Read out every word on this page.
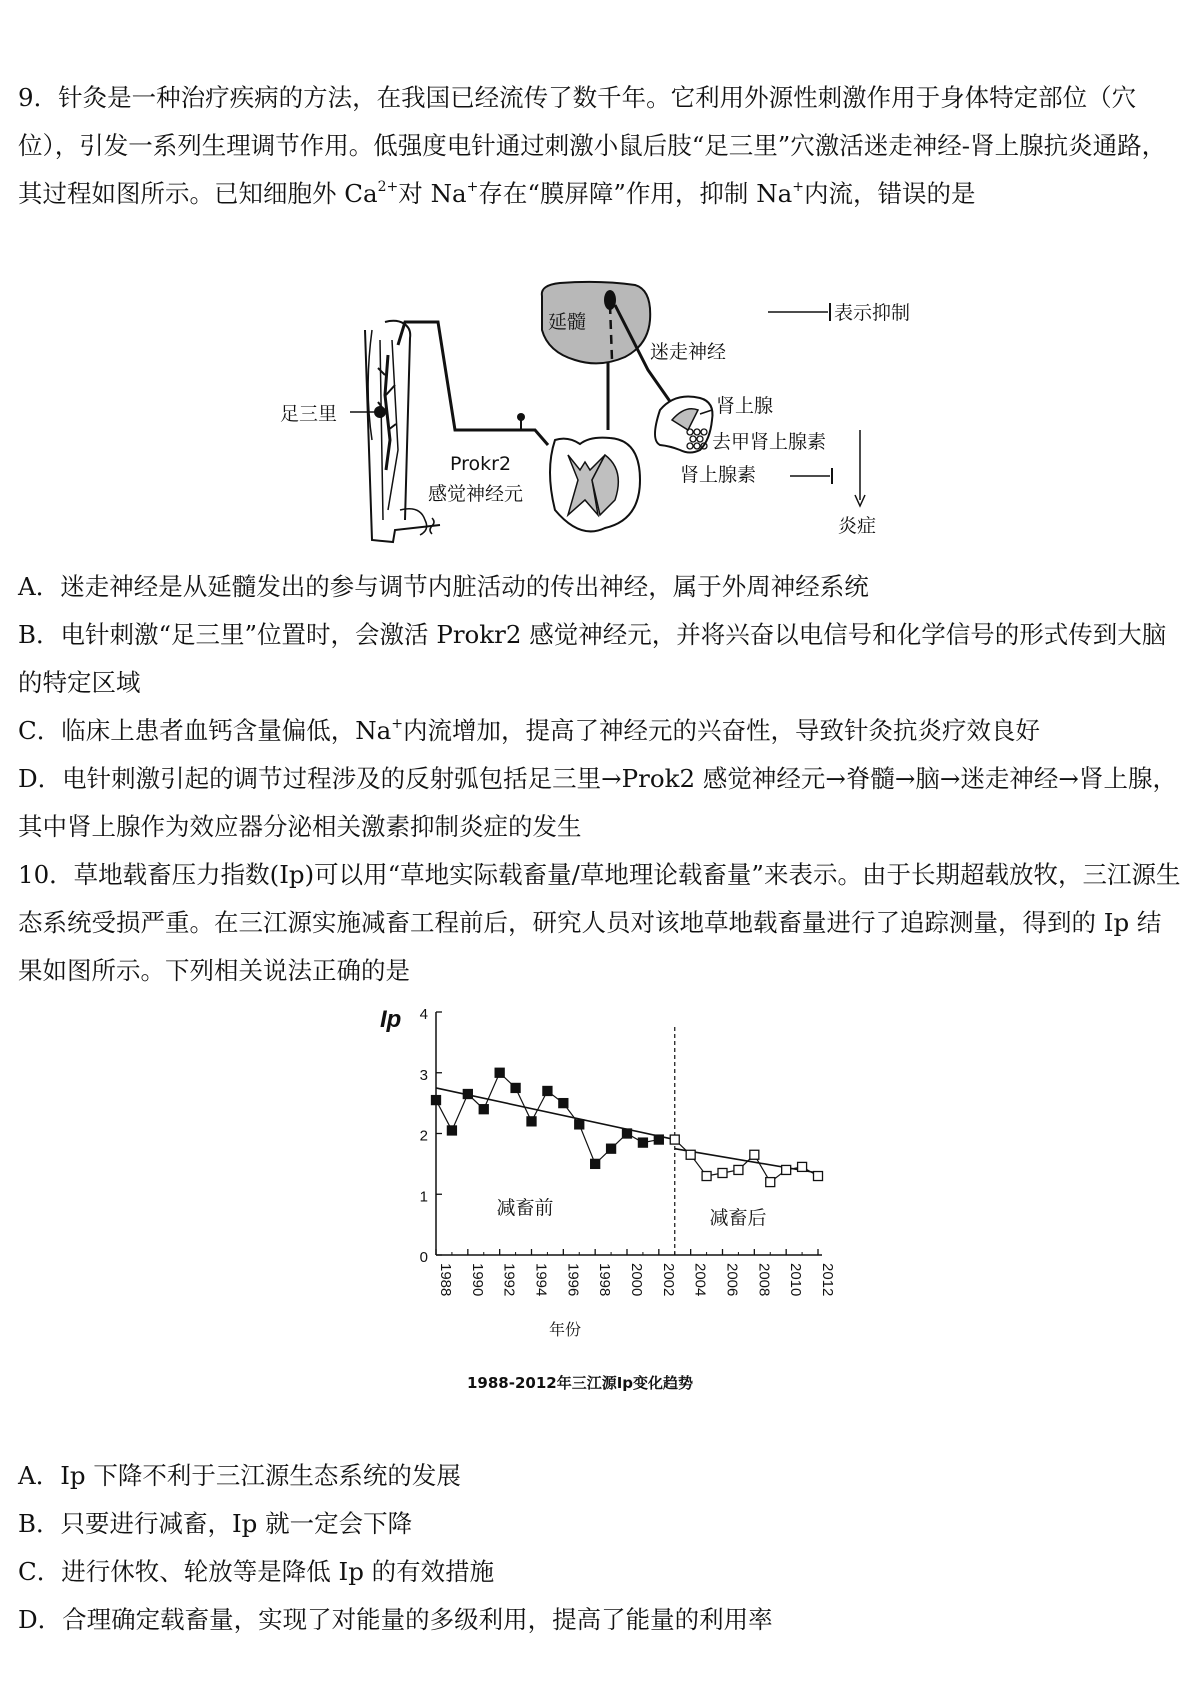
9．针灸是一种治疗疾病的方法，在我国已经流传了数千年。它利用外源性刺激作用于身体特定部位（穴位），引发一系列生理调节作用。低强度电针通过刺激小鼠后肢“足三里”穴激活迷走神经-肾上腺抗炎通路，其过程如图所示。已知细胞外 $Ca^{2+}$对 Na+存在“膜屏障”作用，抑制 Na+内流，错误的是

足三里
Prokr2
感觉神经元
延髓
迷走神经
肾上腺
去甲肾上腺素
肾上腺素
炎症
表示抑制

A．迷走神经是从延髓发出的参与调节内脏活动的传出神经，属于外周神经系统

B．电针刺激“足三里”位置时，会激活 Prokr2 感觉神经元，并将兴奋以电信号和化学信号的形式传到大脑的特定区域

C．临床上患者血钙含量偏低，Na+内流增加，提高了神经元的兴奋性，导致针灸抗炎疗效良好

D．电针刺激引起的调节过程涉及的反射弧包括足三里→Prok2 感觉神经元→脊髓→脑→迷走神经→肾上腺，其中肾上腺作为效应器分泌相关激素抑制炎症的发生

10．草地载畜压力指数(Ip)可以用“草地实际载畜量/草地理论载畜量”来表示。由于长期超载放牧，三江源生态系统受损严重。在三江源实施减畜工程前后，研究人员对该地草地载畜量进行了追踪测量，得到的 Ip 结果如图所示。下列相关说法正确的是

0
1
2
3
4
1988 1990 1992 1994 1996 1998 2000 2002 2004 2006 2008 2010 2012
Ip
年份
减畜前	减畜后
1988-2012年三江源Ip变化趋势

A．Ip 下降不利于三江源生态系统的发展

B．只要进行减畜，Ip 就一定会下降

C．进行休牧、轮放等是降低 Ip 的有效措施

D．合理确定载畜量，实现了对能量的多级利用，提高了能量的利用率
